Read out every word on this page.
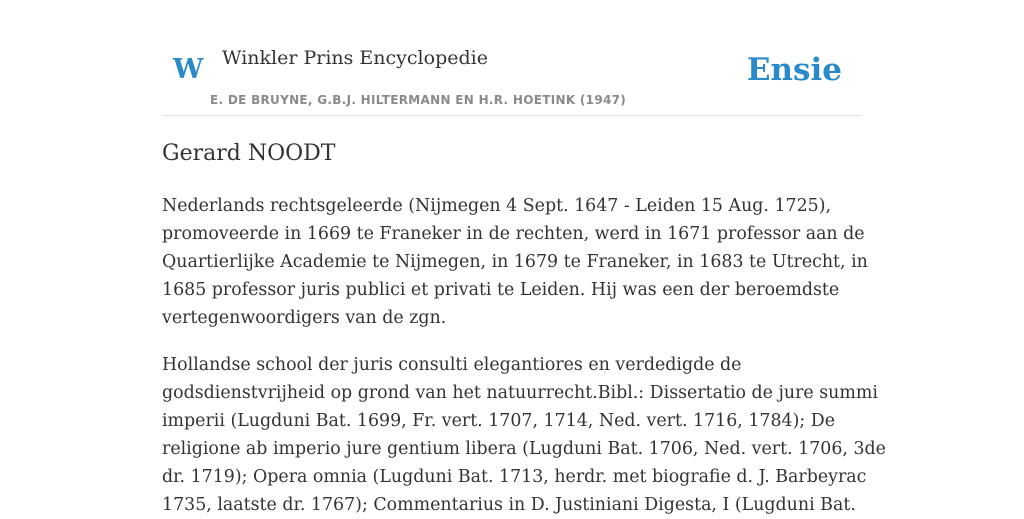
W Winkler Prins Encyclopedie	Ensie
E. DE BRUYNE, G.B.J. HILTERMANN EN H.R. HOETINK (1947)
Gerard NOODT

Nederlands rechtsgeleerde (Nijmegen 4 Sept. 1647 - Leiden 15 Aug. 1725),
promoveerde in 1669 te Franeker in de rechten, werd in 1671 professor aan de
Quartierlijke Academie te Nijmegen, in 1679 te Franeker, in 1683 te Utrecht, in
1685 professor juris publici et privati te Leiden. Hij was een der beroemdste
vertegenwoordigers van de zgn.

Hollandse school der juris consulti elegantiores en verdedigde de
godsdienstvrijheid op grond van het natuurrecht.Bibl.: Dissertatio de jure summi
imperii (Lugduni Bat. 1699, Fr. vert. 1707, 1714, Ned. vert. 1716, 1784); De
religione ab imperio jure gentium libera (Lugduni Bat. 1706, Ned. vert. 1706, 3de
dr. 1719); Opera omnia (Lugduni Bat. 1713, herdr. met biografie d. J. Barbeyrac
1735, laatste dr. 1767); Commentarius in D. Justiniani Digesta, I (Lugduni Bat.
